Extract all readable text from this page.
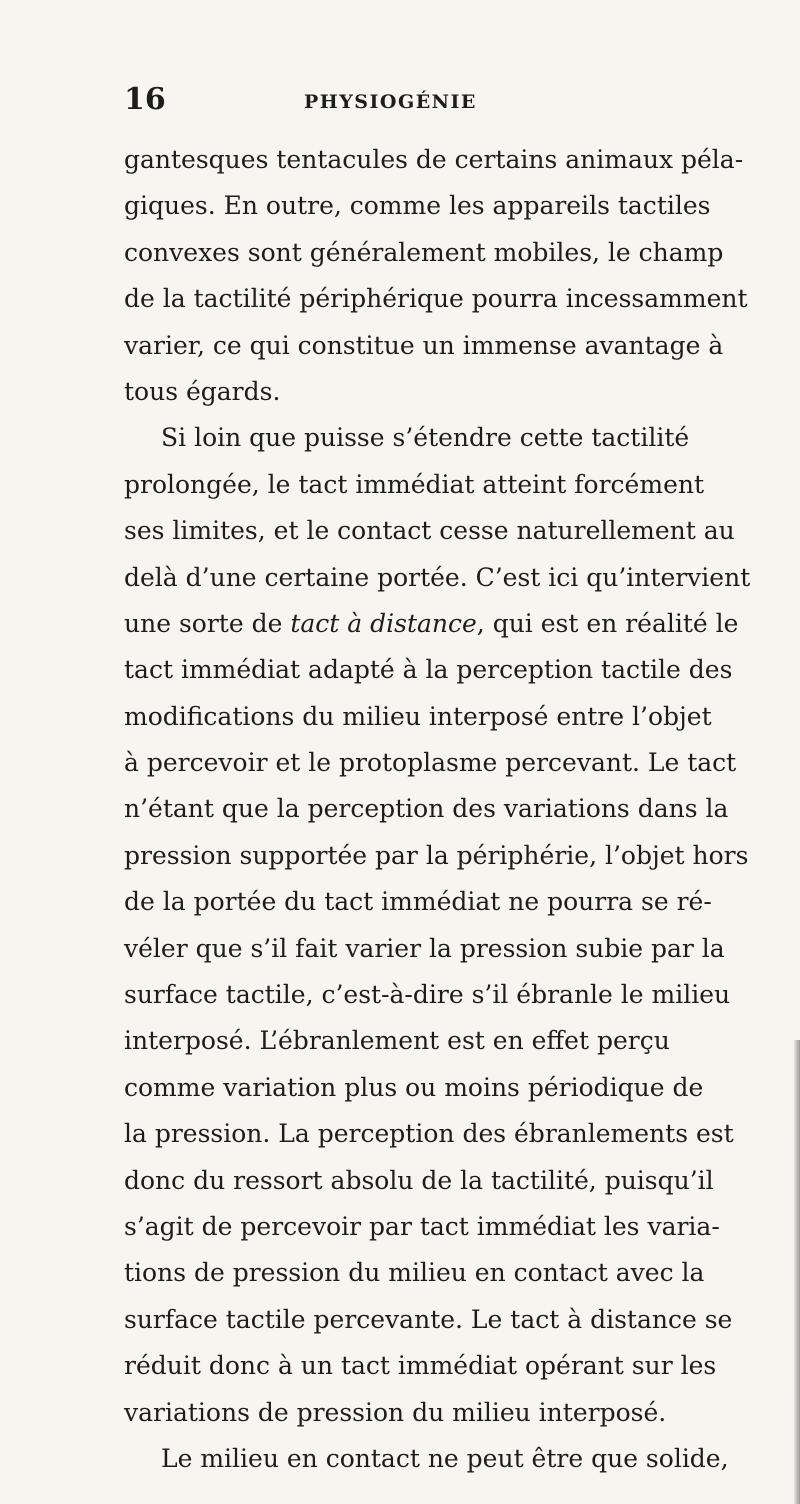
16	PHYSIOGÉNIE
gantesques tentacules de certains animaux péla-
giques. En outre, comme les appareils tactiles
convexes sont généralement mobiles, le champ
de la tactilité périphérique pourra incessamment
varier, ce qui constitue un immense avantage à
tous égards.
Si loin que puisse s’étendre cette tactilité
prolongée, le tact immédiat atteint forcément
ses limites, et le contact cesse naturellement au
delà d’une certaine portée. C’est ici qu’intervient
une sorte de tact à distance, qui est en réalité le
tact immédiat adapté à la perception tactile des
modifications du milieu interposé entre l’objet
à percevoir et le protoplasme percevant. Le tact
n’étant que la perception des variations dans la
pression supportée par la périphérie, l’objet hors
de la portée du tact immédiat ne pourra se ré-
véler que s’il fait varier la pression subie par la
surface tactile, c’est-à-dire s’il ébranle le milieu
interposé. L’ébranlement est en effet perçu
comme variation plus ou moins périodique de
la pression. La perception des ébranlements est
donc du ressort absolu de la tactilité, puisqu’il
s’agit de percevoir par tact immédiat les varia-
tions de pression du milieu en contact avec la
surface tactile percevante. Le tact à distance se
réduit donc à un tact immédiat opérant sur les
variations de pression du milieu interposé.
Le milieu en contact ne peut être que solide,
